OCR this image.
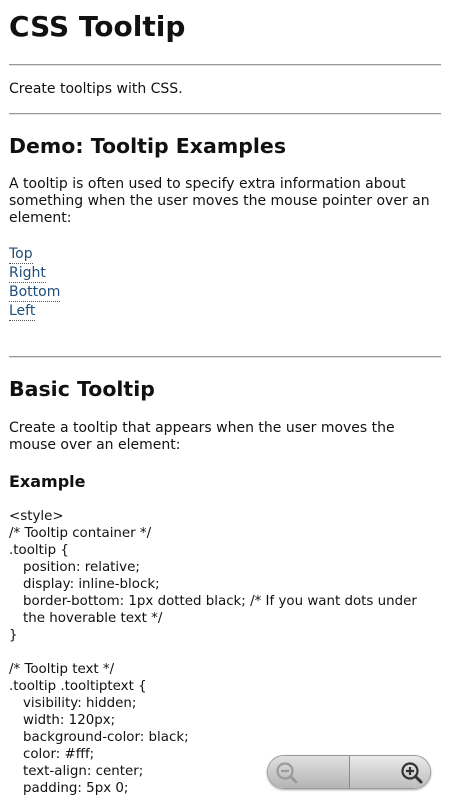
CSS Tooltip
Create tooltips with CSS.
Demo: Tooltip Examples
A tooltip is often used to specify extra information about something when the user moves the mouse pointer over an element:
Top
Right
Bottom
Left
Basic Tooltip
Create a tooltip that appears when the user moves the mouse over an element:
Example
<style>
/* Tooltip container */
.tooltip {
position: relative;
display: inline-block;
border-bottom: 1px dotted black; /* If you want dots under the hoverable text */
}
/* Tooltip text */
.tooltip .tooltiptext {
visibility: hidden;
width: 120px;
background-color: black;
color: #fff;
text-align: center;
padding: 5px 0;
